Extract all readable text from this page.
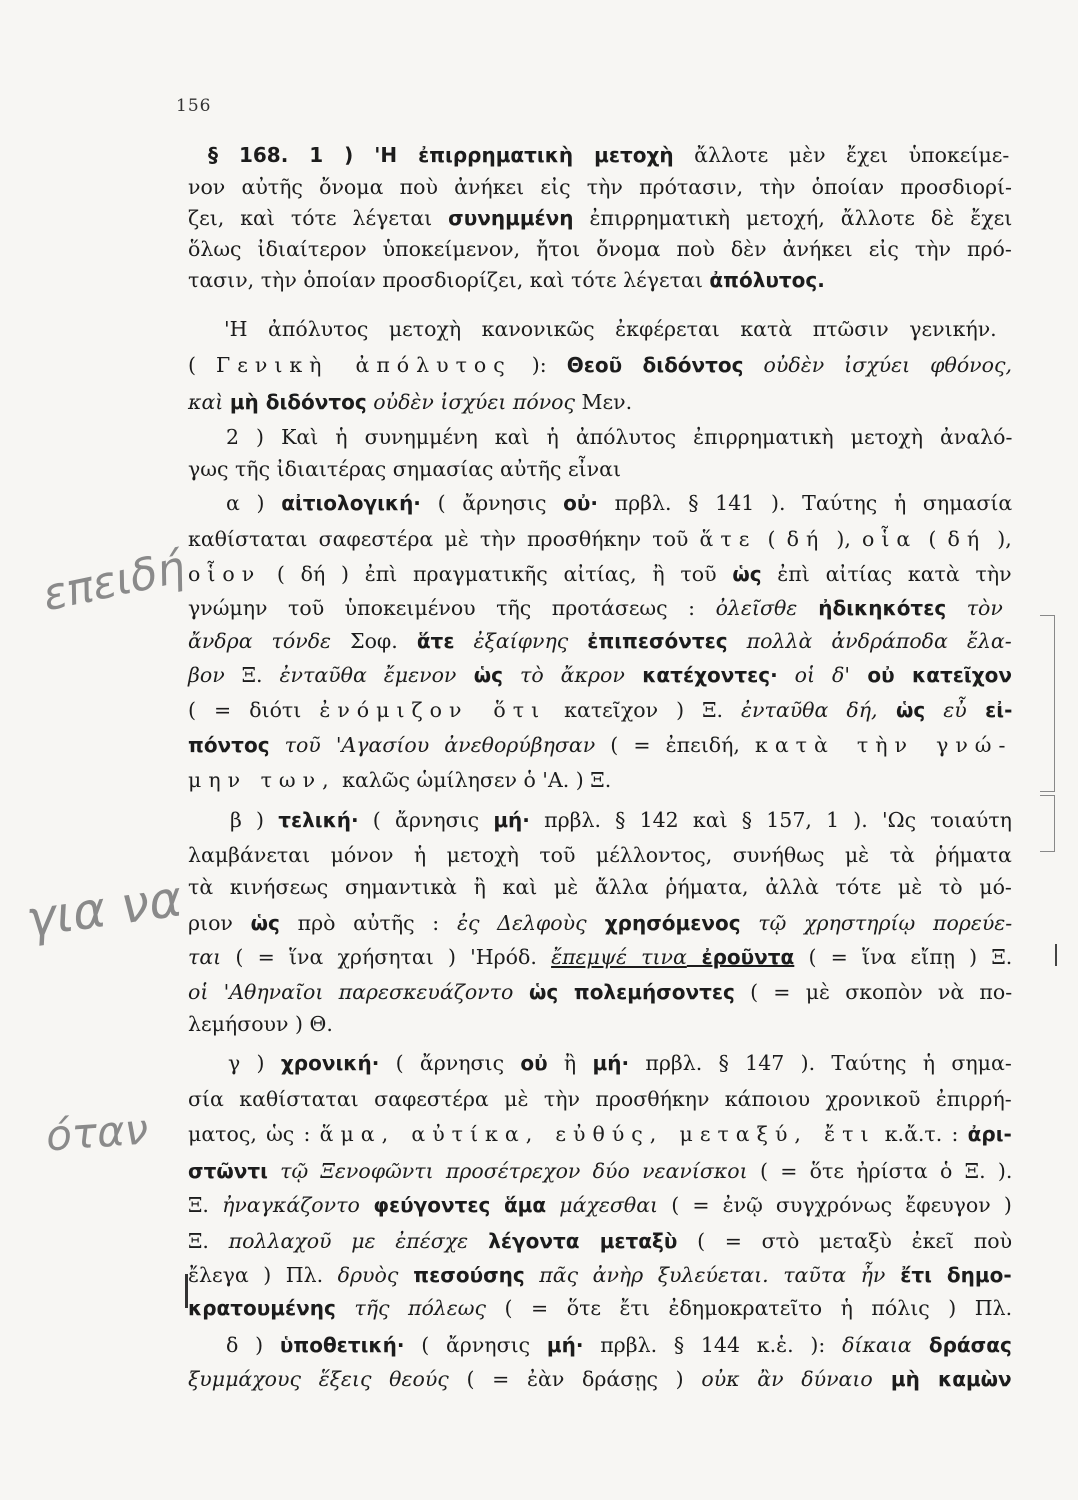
156
§ 168. 1 ) 'Η ἐπιρρηματικὴ μετοχὴ ἄλλοτε μὲν ἔχει ὑποκείμε-
νον αὐτῆς ὄνομα ποὺ ἀνήκει εἰς τὴν πρότασιν, τὴν ὁποίαν προσδιορί-
ζει, καὶ τότε λέγεται συνημμένη ἐπιρρηματικὴ μετοχή, ἄλλοτε δὲ ἔχει
ὅλως ἰδιαίτερον ὑποκείμενον, ἤτοι ὄνομα ποὺ δὲν ἀνήκει εἰς τὴν πρό-
τασιν, τὴν ὁποίαν προσδιορίζει, καὶ τότε λέγεται ἀπόλυτος.
'Η ἀπόλυτος μετοχὴ κανονικῶς ἐκφέρεται κατὰ πτῶσιν γενικήν.
( Γενικὴ ἀπόλυτος ): Θεοῦ διδόντος οὐδὲν ἰσχύει φθόνος,
καὶ μὴ διδόντος οὐδὲν ἰσχύει πόνος Μεν.
2 ) Καὶ ἡ συνημμένη καὶ ἡ ἀπόλυτος ἐπιρρηματικὴ μετοχὴ ἀναλό-
γως τῆς ἰδιαιτέρας σημασίας αὐτῆς εἶναι
α ) αἰτιολογική· ( ἄρνησις οὐ· πρβλ. § 141 ). Ταύτης ἡ σημασία
καθίσταται σαφεστέρα μὲ τὴν προσθήκην τοῦ ἅτε ( δή ), οἷα ( δή ),
οἷον ( δή ) ἐπὶ πραγματικῆς αἰτίας, ἢ τοῦ ὡς ἐπὶ αἰτίας κατὰ τὴν
γνώμην τοῦ ὑποκειμένου τῆς προτάσεως : ὀλεῖσθε ἠδικηκότες τὸν
ἄνδρα τόνδε Σοφ. ἅτε ἐξαίφνης ἐπιπεσόντες πολλὰ ἀνδράποδα ἔλα-
βον Ξ. ἐνταῦθα ἔμενον ὡς τὸ ἄκρον κατέχοντες· οἱ δ' οὐ κατεῖχον
( = διότι ἐνόμιζον ὅτι κατεῖχον ) Ξ. ἐνταῦθα δή, ὡς εὖ εἰ-
πόντος τοῦ 'Αγασίου ἀνεθορύβησαν ( = ἐπειδή, κατὰ τὴν γνώ-
μην των, καλῶς ὡμίλησεν ὁ 'Α. ) Ξ.
β ) τελική· ( ἄρνησις μή· πρβλ. § 142 καὶ § 157, 1 ). 'Ως τοιαύτη
λαμβάνεται μόνον ἡ μετοχὴ τοῦ μέλλοντος, συνήθως μὲ τὰ ῥήματα
τὰ κινήσεως σημαντικὰ ἢ καὶ μὲ ἄλλα ῥήματα, ἀλλὰ τότε μὲ τὸ μό-
ριον ὡς πρὸ αὐτῆς : ἐς Δελφοὺς χρησόμενος τῷ χρηστηρίῳ πορεύε-
ται ( = ἵνα χρήσηται ) 'Ηρόδ. ἔπεμψέ τινα ἐροῦντα ( = ἵνα εἴπῃ ) Ξ.
οἱ 'Αθηναῖοι παρεσκευάζοντο ὡς πολεμήσοντες ( = μὲ σκοπὸν νὰ πο-
λεμήσουν ) Θ.
γ ) χρονική· ( ἄρνησις οὐ ἢ μή· πρβλ. § 147 ). Ταύτης ἡ σημα-
σία καθίσταται σαφεστέρα μὲ τὴν προσθήκην κάποιου χρονικοῦ ἐπιρρή-
ματος, ὡς : ἅμα, αὐτίκα, εὐθύς, μεταξύ, ἔτι κ.ἄ.τ. : ἀρι-
στῶντι τῷ Ξενοφῶντι προσέτρεχον δύο νεανίσκοι ( = ὅτε ἠρίστα ὁ Ξ. ).
Ξ. ἠναγκάζοντο φεύγοντες ἅμα μάχεσθαι ( = ἐνῷ συγχρόνως ἔφευγον )
Ξ. πολλαχοῦ με ἐπέσχε λέγοντα μεταξὺ ( = στὸ μεταξὺ ἐκεῖ ποὺ
ἔλεγα ) Πλ. δρυὸς πεσούσης πᾶς ἀνὴρ ξυλεύεται. ταῦτα ἦν ἔτι δημο-
κρατουμένης τῆς πόλεως ( = ὅτε ἔτι ἐδημοκρατεῖτο ἡ πόλις ) Πλ.
δ ) ὑποθετική· ( ἄρνησις μή· πρβλ. § 144 κ.ἑ. ): δίκαια δράσας
ξυμμάχους ἕξεις θεούς ( = ἐὰν δράσῃς ) οὐκ ἂν δύναιο μὴ καμὼν
επειδή
για να
όταν
